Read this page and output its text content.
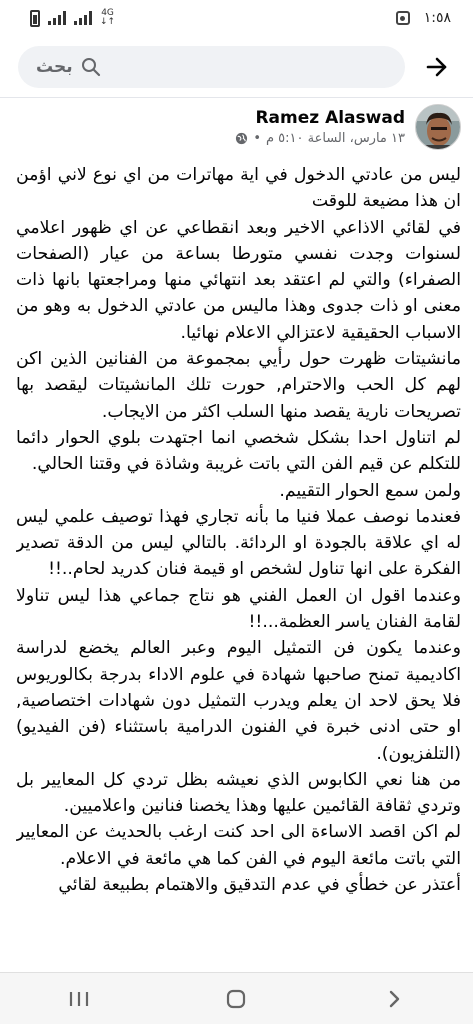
4G
↓↑	١:٥٨
بحث
Ramez Alaswad
١٣ مارس، الساعة ٥:١٠ م
•

ليس من عادتي الدخول في اية مهاترات من اي نوع لاني اؤمن ان هذا مضيعة للوقت

في لقائي الاذاعي الاخير وبعد انقطاعي عن اي ظهور اعلامي لسنوات وجدت نفسي متورطا بساعة من عيار (الصفحات الصفراء) والتي لم اعتقد بعد انتهائي منها ومراجعتها بانها ذات معنى او ذات جدوى وهذا ماليس من عادتي الدخول به وهو من الاسباب الحقيقية لاعتزالي الاعلام نهائيا.

مانشيتات ظهرت حول رأيي بمجموعة من الفنانين الذين اكن لهم كل الحب والاحترام, حورت تلك المانشيتات ليقصد بها تصريحات نارية يقصد منها السلب اكثر من الايجاب.

لم اتناول احدا بشكل شخصي انما اجتهدت بلوي الحوار دائما للتكلم عن قيم الفن التي باتت غريبة وشاذة في وقتنا الحالي.

ولمن سمع الحوار التقييم.

فعندما نوصف عملا فنيا ما بأنه تجاري فهذا توصيف علمي ليس له اي علاقة بالجودة او الردائة. بالتالي ليس من الدقة تصدير الفكرة على انها تناول لشخص او قيمة فنان كدريد لحام..!!

وعندما اقول ان العمل الفني هو نتاج جماعي هذا ليس تناولا لقامة الفنان ياسر العظمة...!!

وعندما يكون فن التمثيل اليوم وعبر العالم يخضع لدراسة اكاديمية تمنح صاحبها شهادة في علوم الاداء بدرجة بكالوريوس فلا يحق لاحد ان يعلم ويدرب التمثيل دون شهادات اختصاصية, او حتى ادنى خبرة في الفنون الدرامية باستثناء (فن الفيديو) (التلفزيون).

من هنا نعي الكابوس الذي نعيشه بظل تردي كل المعايير بل وتردي ثقافة القائمين عليها وهذا يخصنا فنانين واعلاميين.

لم اكن اقصد الاساءة الى احد كنت ارغب بالحديث عن المعايير التي باتت مائعة اليوم في الفن كما هي مائعة في الاعلام.

أعتذر عن خطأي في عدم التدقيق والاهتمام بطبيعة لقائي
